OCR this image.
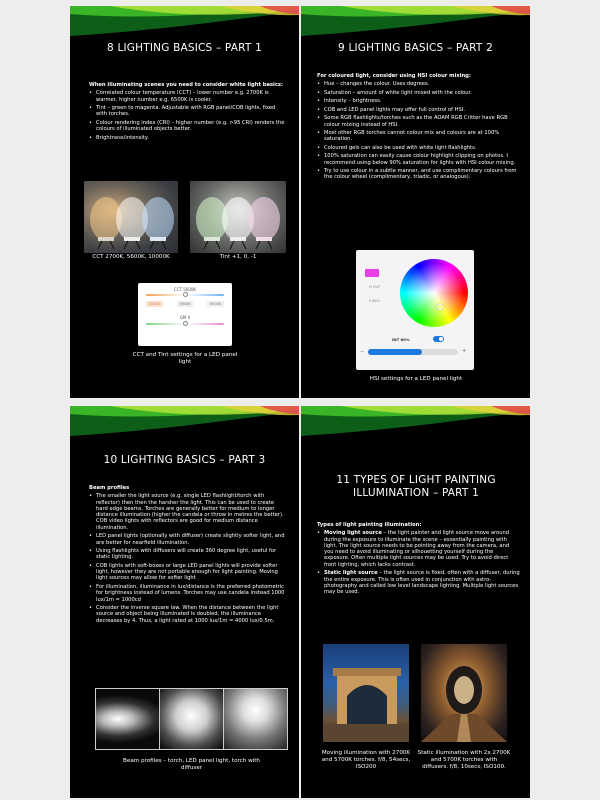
8 LIGHTING BASICS – PART 1
When illuminating scenes you need to consider white light basics:
• Correlated colour temperature (CCT) – lower number e.g. 2700K is warmer, higher number e.g. 6500K is cooler.
• Tint – green to magenta. Adjustable with RGB panel/COB lights, fixed with torches.
• Colour rendering index (CRI) – higher number (e.g. >95 CRI) renders the colours of illuminated objects better.
• Brightness/intensity.
CCT 2700K, 5600K, 10000K	Tint +1, 0, -1
CCT 5600K
3200K	5600K	6500K
GM 0
CCT and Tint settings for a LED panel light
9 LIGHTING BASICS – PART 2
For coloured light, consider using HSI colour mixing:
• Hue – changes the colour. Uses degrees.
• Saturation – amount of white light mixed with the colour.
• Intensity – brightness.
• COB and LED panel lights may offer full control of HSI.
• Some RGB flashlights/torches such as the AOAM RGB Critter have RGB colour mixing instead of HSI.
• Most other RGB torches cannot colour mix and colours are at 100% saturation.
• Coloured gels can also be used with white light flashlights.
• 100% saturation can easily cause colour highlight clipping on photos. I recommend using below 90% saturation for lights with HSI colour mixing.
• Try to use colour in a subtle manner, and use complimentary colours from the colour wheel (complimentary, triadic, or analogous).
H 294°
S 66%
INT 60%
−	+
HSI settings for a LED panel light
10 LIGHTING BASICS – PART 3
Beam profiles
• The smaller the light source (e.g. single LED flashlight/torch with reflector) then then the harsher the light. This can be used to create hard edge beams. Torches are generally better for medium to longer distance illumination (higher the candela or throw in metres the better). COB video lights with reflectors are good for medium distance illumination.
• LED panel lights (optionally with diffuser) create slightly softer light, and are better for nearfield illumination.
• Using flashlights with diffusers will create 360 degree light, useful for static lighting.
• COB lights with soft-boxes or large LED panel lights will provide softer light, however they are not portable enough for light painting. Moving light sources may allow for softer light
• For illumination, illuminance in lux/distance is the preferred photometric for brightness instead of lumens. Torches may use candela instead 1000 lux/1m = 1000cd
• Consider the inverse square law. When the distance between the light source and object being illuminated is doubled, the illuminance decreases by 4. Thus, a light rated at 1000 lux/1m = 4000 lux/0.5m.
Beam profiles – torch, LED panel light, torch with diffuser
11 TYPES OF LIGHT PAINTING ILLUMINATION – PART 1
Types of light painting illumination:
• Moving light source – the light painter and light source move around during the exposure to illuminate the scene – essentially painting with light. The light source needs to be pointing away from the camera, and you need to avoid illuminating or silhouetting yourself during the exposure. Often multiple light sources may be used. Try to avoid direct front lighting, which lacks contrast.
• Static light source – the light source is fixed, often with a diffuser, during the entire exposure. This is often used in conjunction with astro-photography and called low level landscape lighting. Multiple light sources may be used.
Moving illumination with 2700K and 5700K torches. f/8, 54secs, ISO200
Static illumination with 2x 2700K and 5700K torches with diffusers. f/8, 10secs, ISO100.
